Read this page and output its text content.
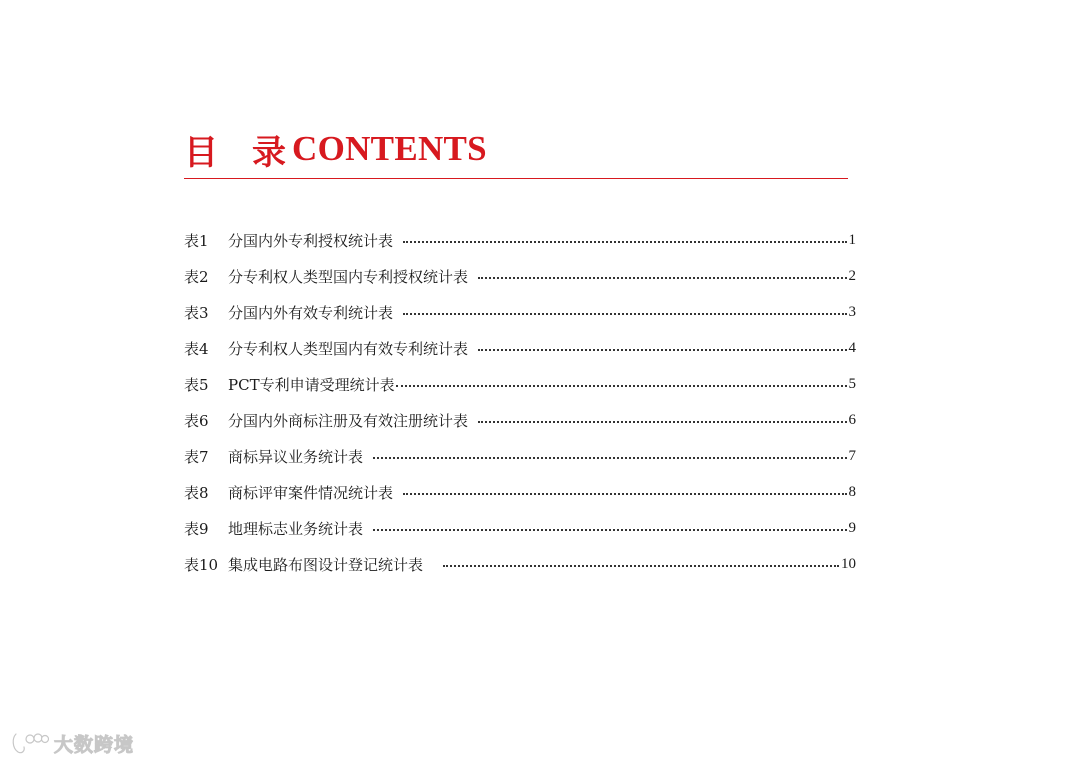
目 录 CONTENTS
表1	分国内外专利授权统计表	1
表2	分专利权人类型国内专利授权统计表	2
表3	分国内外有效专利统计表	3
表4	分专利权人类型国内有效专利统计表	4
表5	PCT专利申请受理统计表	5
表6	分国内外商标注册及有效注册统计表	6
表7	商标异议业务统计表	7
表8	商标评审案件情况统计表	8
表9	地理标志业务统计表	9
表10 集成电路布图设计登记统计表	10
大数跨境
